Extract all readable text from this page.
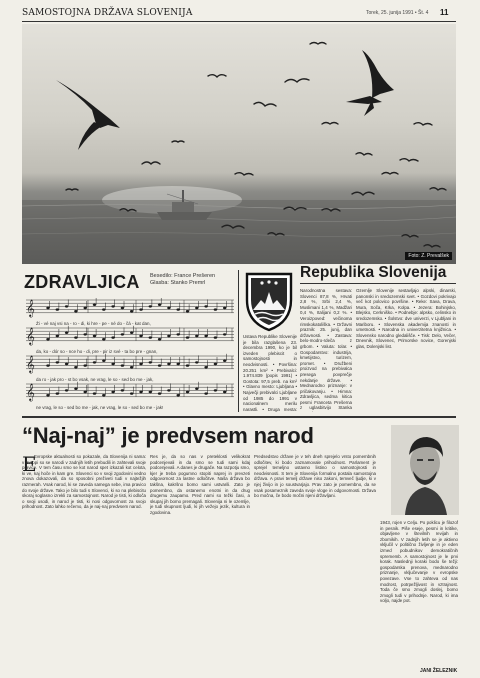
SAMOSTOJNA DRŽAVA SLOVENIJA	Torek, 25. junija 1991 • Št. 4 11
Foto: Z. Prevalšek
ZDRAVLJICA Besedilo: France Prešeren
Glasba: Stanko Premrl
𝄞
𝄞
𝄞
𝄞
Ži - vé naj vsi na - ro - di, ki hre - pe - né do - čá - kat dan,
da, ko - dór so - nce ho - di, pre - pir iz své - ta bo pre - gnan,
da ro - jak pro - st bo vsak, ne vrag, le so - sed bo me - jak,
ne vrag, le so - sed bo me - jak, ne vrag, le so - sed bo me - jak!
Republika Slovenija
Ustava Republike Slovenije je bila razglašena 23. decembra 1990, ko je bil izveden plebiscit o samostojnosti in neodvisnosti. • Površina: 20.251 km² • Prebivalci: 1.974.839 (popis 1991) • Gostota: 97,5 preb. na km² • Glavno mesto: Ljubljana • Največji prebivalci Ljubljane od 1985 do 1991 v nacionalnem merilu narastli. • Druga mesta:
Narodnostna sestava: Slovenci 87,8 %, Hrvati 2,8 %, Srbi 2,4 %, Muslimani 1,4 %, Madžari 0,4 %, Italijani 0,2 %. • Veroizpoved: večinoma rimskokatoliška. • Državni praznik: 25. junij, dan državnosti. • Zastava: belo-modro-rdeča z grbom. • Valuta: tolar. • Gospodarstvo: industrija, kmetijstvo, turizem, promet. • Družbeni proizvod na prebivalca presega povprečje nekdanje države. • Mednarodno priznanje: v pričakovanju. • Himna: Zdravljica, sedma kitica pesmi Franceta Prešerna z uglasbitvijo Stanka
Ozemlje Slovenije sestavljajo alpski, dinarski, panonski in sredozemski svet. • Gozdovi pokrivajo več kot polovico površine. • Reke: Sava, Drava, Mura, Soča, Krka, Kolpa. • Jezera: Bohinjsko, Blejsko, Cerkniško. • Podnebje: alpsko, celinsko in sredozemsko. • Šolstvo: dve univerzi, v Ljubljani in Mariboru. • Slovenska akademija znanosti in umetnosti. • Narodna in univerzitetna knjižnica. • Slovensko narodno gledališče. • Tisk: Delo, Večer, Dnevnik, Slovenec, Primorske novice, Gorenjski glas, Dolenjski list.
“Naj-naj” je predvsem narod
E
Evropske aktualnosti so pokazale, da Slovenija ni sama: v Evropi so se narodi v zadnjih letih prebudili in zahtevali svoje pravice. V tem času smo se kot narod spet izkazali kot celota, ki ve, kaj hoče in kam gre. Slovenci so v svoji zgodovini vedno znova dokazovali, da so sposobni preživeti tudi v najtežjih razmerah. Vsak narod, ki se zaveda samega sebe, ima pravico do svoje države. Tako je bilo tudi s Slovenci, ki so na plebiscitu skoraj soglasno izrekli za samostojnost. Narod je tisti, ki odloča o svoji usodi, in narod je tisti, ki nosi odgovornost za svojo prihodnost. Zato lahko rečemo, da je naj-naj predvsem narod.
Res je, da so nas v preteklosti velikokrat podcenjevali in da smo se tudi sami kdaj podcenjevali. A danes je drugače. Na razpotju smo, kjer je treba pogumno stopiti naprej in prevzeti odgovornost za lastne odločitve. Naša država bo takšna, kakršno bomo sami ustvarili. Zato je pomembno, da ostanemo enotni in da drug drugemu zaupamo. Pred nami so težki časi, a skupaj jih bomo premagali. Slovenija ni le ozemlje, je tudi skupnost ljudi, ki jih vežejo jezik, kultura in zgodovina.
Predsedstvo države je v teh dneh sprejelo vrsto pomembnih odločitev, ki bodo zaznamovale prihodnost. Parlament je sprejel temeljno ustavno listino o samostojnosti in neodvisnosti. S tem je Slovenija formalno postala samostojna država. A pravi temelj države niso zakoni, temveč ljudje, ki v njej živijo in jo soustvarjajo. Prav zato je pomembno, da se vsak posameznik zaveda svoje vloge in odgovornosti. Država bo močna, če bodo močni njeni državljani.
1943, rojen v Celju. Po poklicu je filozof in pesnik. Piše eseje, pesmi in kritike, objavljene v številnih revijah in zbornikih. V zadnjih letih se je aktivno vključil v politično življenje in je eden izmed pobudnikov demokratičnih sprememb. A samostojnost je le prvi korak. Naslednji koraki bodo še težji: gospodarska prenova, mednarodno priznanje, vključevanje v evropske povezave. Vse to zahteva od nas modrost, potrpežljivost in vztrajnost. Toda če smo zmogli doslej, bomo zmogli tudi v prihodnje. Narod, ki ima voljo, najde pot.
JANI ŽELEZNIK
